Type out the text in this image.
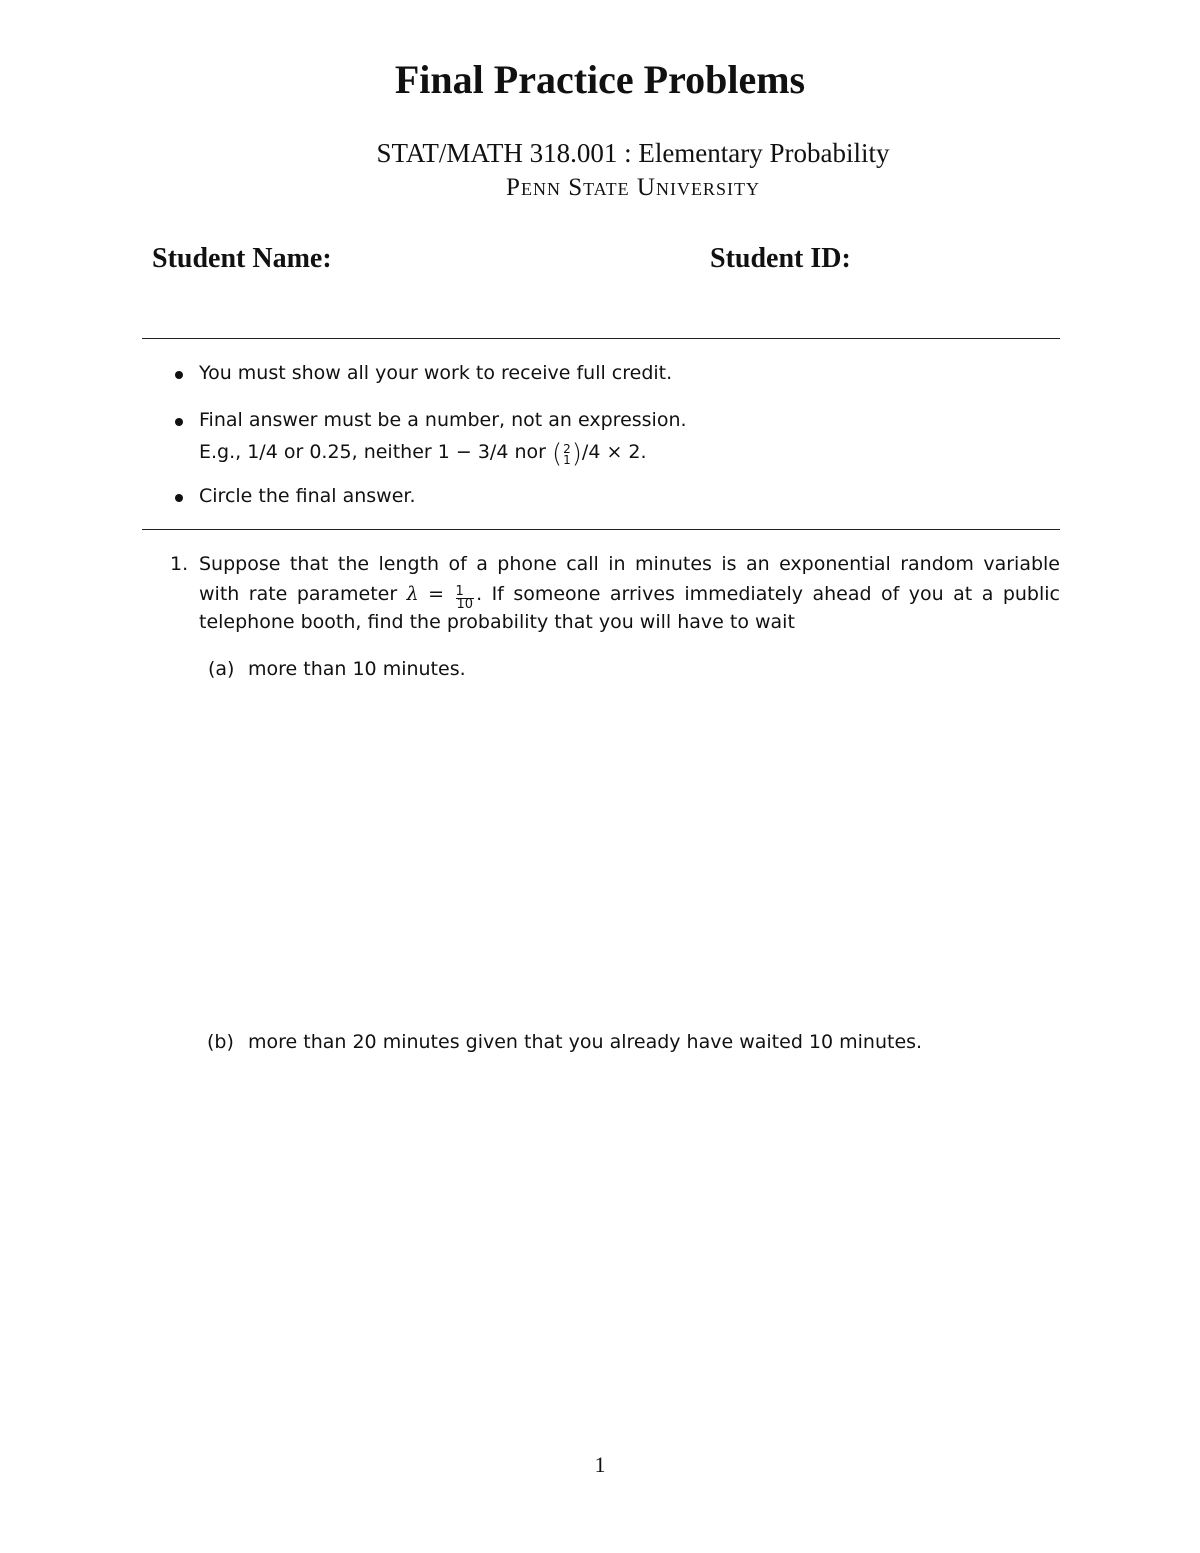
Final Practice Problems
STAT/MATH 318.001 : Elementary Probability
Penn State University
Student Name:	Student ID:
You must show all your work to receive full credit.
Final answer must be a number, not an expression.
E.g., 1/4 or 0.25, neither 1 − 3/4 nor ( 2
1 )/4 × 2.
Circle the final answer.
1. Suppose that the length of a phone call in minutes is an exponential random variable
with rate parameter $\lambda = \frac{1}{10}$ . If someone arrives immediately ahead of you at a public
telephone booth, find the probability that you will have to wait
(a) more than 10 minutes.
(b) more than 20 minutes given that you already have waited 10 minutes.
1
